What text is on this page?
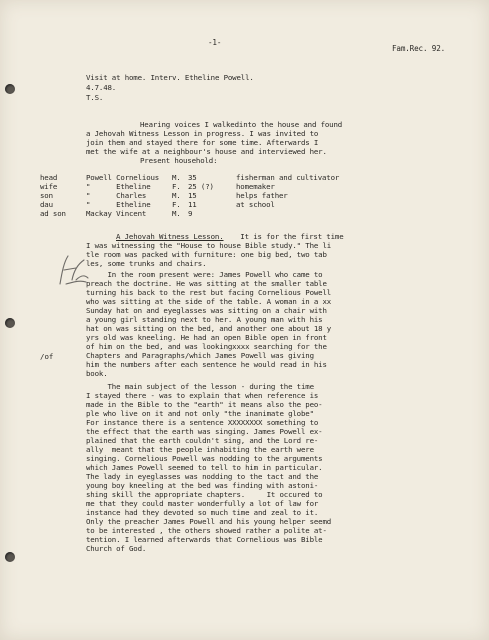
-1-
Fam.Rec. 92.
Visit at home. Interv. Etheline Powell.
4.7.48.
T.S.
Hearing voices I walkedinto the house and found
a Jehovah Witness Lesson in progress. I was invited to
join them and stayed there for some time. Afterwards I
met the wife at a neighbour's house and interviewed her.
Present household:
head	Powell Cornelious M. 35	fisherman and cultivator
wife	"      Etheline	F. 25 (?)	homemaker
son	"      Charles	M. 15	helps father
dau	"      Etheline	F. 11	at school
ad son	Mackay Vincent	M. 9
A Jehovah Witness Lesson. It is for the first time
I was witnessing the "House to house Bible study." The li
tle room was packed with furniture: one big bed, two tab
les, some trunks and chairs.
In the room present were: James Powell who came to
preach the doctrine. He was sitting at the smaller table
turning his back to the rest but facing Cornelious Powell
who was sitting at the side of the table. A woman in a xx
Sunday hat on and eyeglasses was sitting on a chair with
a young girl standing next to her. A young man with his
hat on was sitting on the bed, and another one about 18 y
yrs old was kneeling. He had an open Bible open in front
of him on the bed, and was lookingxxxx searching for the
Chapters and Paragraphs/which James Powell was giving
him the numbers after each sentence he would read in his
book.
/of
The main subject of the lesson - during the time
I stayed there - was to explain that when reference is
made in the Bible to the "earth" it means also the peo-
ple who live on it and not only "the inanimate globe"
For instance there is a sentence XXXXXXXX something to
the effect that the earth was singing. James Powell ex-
plained that the earth couldn't sing, and the Lord re-
ally  meant that the people inhabiting the earth were
singing. Cornelious Powell was nodding to the arguments
which James Powell seemed to tell to him in particular.
The lady in eyeglasses was nodding to the tact and the
young boy kneeling at the bed was finding with astoni-
shing skill the appropriate chapters.     It occured to
me that they could master wonderfully a lot of law for
instance had they devoted so much time and zeal to it.
Only the preacher James Powell and his young helper seemd
to be interested , the others showed rather a polite at-
tention. I learned afterwards that Cornelious was Bible
Church of God.
